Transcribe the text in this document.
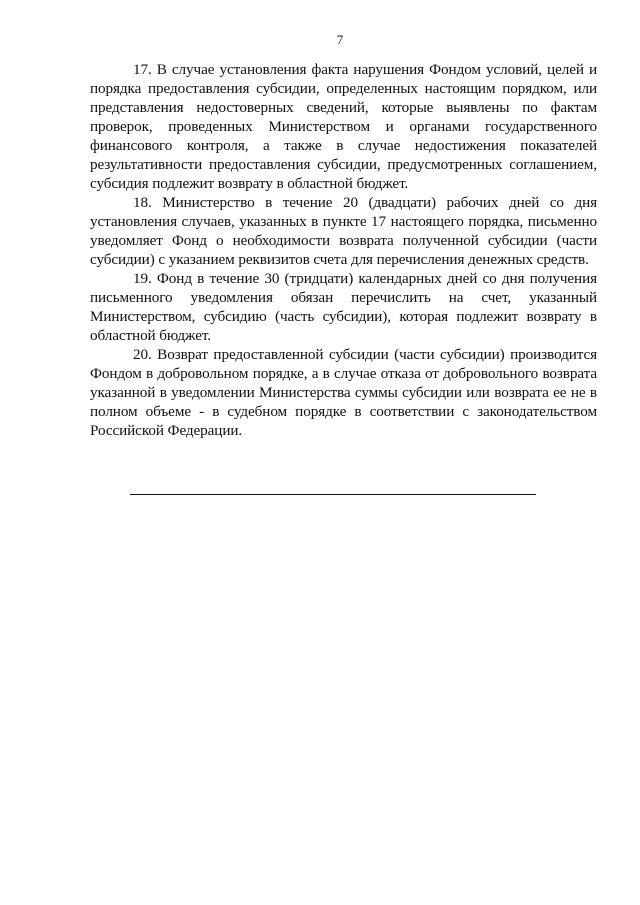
7

17. В случае установления факта нарушения Фондом условий, целей и порядка предоставления субсидии, определенных настоящим порядком, или представления недостоверных сведений, которые выявлены по фактам проверок, проведенных Министерством и органами государственного финансового контроля, а также в случае недостижения показателей результативности предоставления субсидии, предусмотренных соглашением, субсидия подлежит возврату в областной бюджет.

18. Министерство в течение 20 (двадцати) рабочих дней со дня установления случаев, указанных в пункте 17 настоящего порядка, письменно уведомляет Фонд о необходимости возврата полученной субсидии (части субсидии) с указанием реквизитов счета для перечисления денежных средств.

19. Фонд в течение 30 (тридцати) календарных дней со дня получения письменного уведомления обязан перечислить на счет, указанный Министерством, субсидию (часть субсидии), которая подлежит возврату в областной бюджет.

20. Возврат предоставленной субсидии (части субсидии) производится Фондом в добровольном порядке, а в случае отказа от добровольного возврата указанной в уведомлении Министерства суммы субсидии или возврата ее не в полном объеме - в судебном порядке в соответствии с законодательством Российской Федерации.
